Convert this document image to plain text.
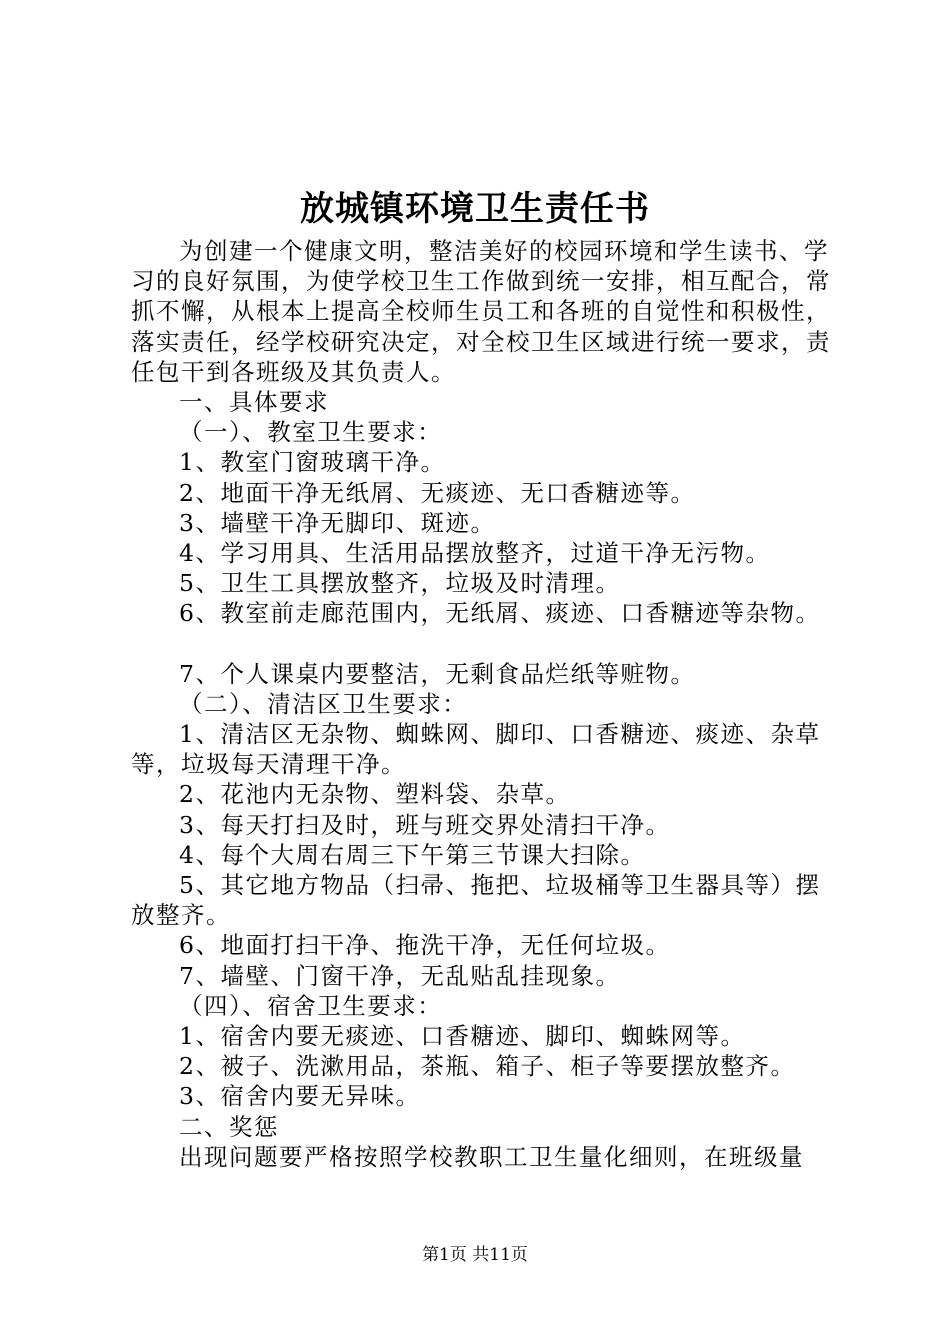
放城镇环境卫生责任书

为创建一个健康文明，整洁美好的校园环境和学生读书、学习的良好氛围，为使学校卫生工作做到统一安排，相互配合，常抓不懈，从根本上提高全校师生员工和各班的自觉性和积极性，落实责任，经学校研究决定，对全校卫生区域进行统一要求，责任包干到各班级及其负责人。

一、具体要求

（一）、教室卫生要求：

1、教室门窗玻璃干净。

2、地面干净无纸屑、无痰迹、无口香糖迹等。

3、墙壁干净无脚印、斑迹。

4、学习用具、生活用品摆放整齐，过道干净无污物。

5、卫生工具摆放整齐，垃圾及时清理。

6、教室前走廊范围内，无纸屑、痰迹、口香糖迹等杂物。

7、个人课桌内要整洁，无剩食品烂纸等赃物。

（二）、清洁区卫生要求：

1、清洁区无杂物、蜘蛛网、脚印、口香糖迹、痰迹、杂草等，垃圾每天清理干净。

2、花池内无杂物、塑料袋、杂草。

3、每天打扫及时，班与班交界处清扫干净。

4、每个大周右周三下午第三节课大扫除。

5、其它地方物品（扫帚、拖把、垃圾桶等卫生器具等）摆放整齐。

6、地面打扫干净、拖洗干净，无任何垃圾。

7、墙壁、门窗干净，无乱贴乱挂现象。

（四）、宿舍卫生要求：

1、宿舍内要无痰迹、口香糖迹、脚印、蜘蛛网等。

2、被子、洗漱用品，茶瓶、箱子、柜子等要摆放整齐。

3、宿舍内要无异味。

二、奖惩

出现问题要严格按照学校教职工卫生量化细则，在班级量

第1页 共11页
